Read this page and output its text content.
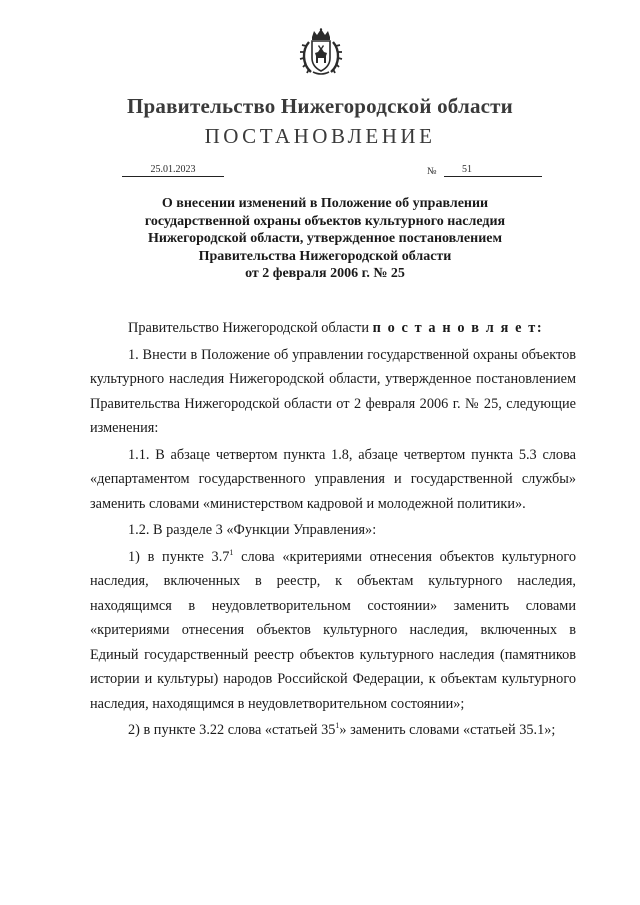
Правительство Нижегородской области
ПОСТАНОВЛЕНИЕ
25.01.2023	№	51
О внесении изменений в Положение об управлении
государственной охраны объектов культурного наследия
Нижегородской области, утвержденное постановлением
Правительства Нижегородской области
от 2 февраля 2006 г. № 25

Правительство Нижегородской области п о с т а н о в л я е т:

1. Внести в Положение об управлении государственной охраны объектов культурного наследия Нижегородской области, утвержденное постановлением Правительства Нижегородской области от 2 февраля 2006 г. № 25, следующие изменения:

1.1. В абзаце четвертом пункта 1.8, абзаце четвертом пункта 5.3 слова «департаментом государственного управления и государственной службы» заменить словами «министерством кадровой и молодежной политики».

1.2. В разделе 3 «Функции Управления»:

1) в пункте $3.7^1$ слова «критериями отнесения объектов культурного наследия, включенных в реестр, к объектам культурного наследия, находящимся в неудовлетворительном состоянии» заменить словами «критериями отнесения объектов культурного наследия, включенных в Единый государственный реестр объектов культурного наследия (памятников истории и культуры) народов Российской Федерации, к объектам культурного наследия, находящимся в неудовлетворительном состоянии»;

2) в пункте 3.22 слова «статьей $35^1$» заменить словами «статьей 35.1»;
